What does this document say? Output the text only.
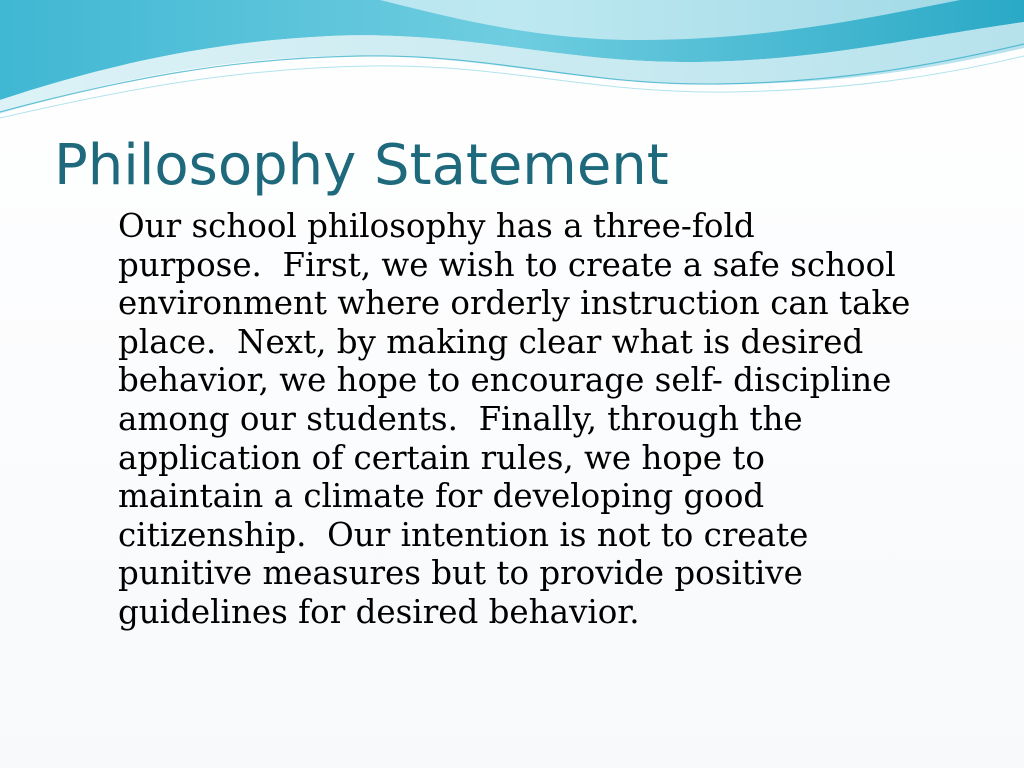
Philosophy Statement

Our school philosophy has a three-fold
purpose.  First, we wish to create a safe school
environment where orderly instruction can take
place.  Next, by making clear what is desired
behavior, we hope to encourage self- discipline
among our students.  Finally, through the
application of certain rules, we hope to
maintain a climate for developing good
citizenship.  Our intention is not to create
punitive measures but to provide positive
guidelines for desired behavior.
